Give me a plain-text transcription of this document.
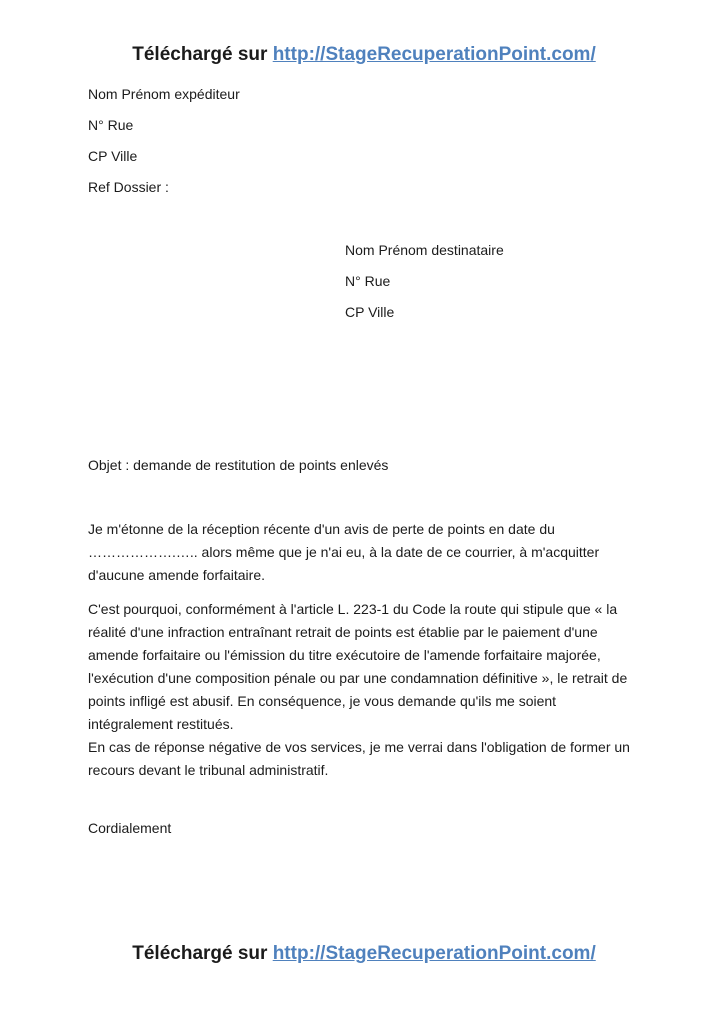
Téléchargé sur http://StageRecuperationPoint.com/

Nom Prénom expéditeur

N° Rue

CP Ville

Ref Dossier :

Nom Prénom destinataire

N° Rue

CP Ville

Objet : demande de restitution de points enlevés

Je m'étonne de la réception récente d'un avis de perte de points en date du ……………….….. alors même que je n'ai eu, à la date de ce courrier, à m'acquitter d'aucune amende forfaitaire.

C'est pourquoi, conformément à l'article L. 223-1 du Code la route qui stipule que « la réalité d'une infraction entraînant retrait de points est établie par le paiement d'une amende forfaitaire ou l'émission du titre exécutoire de l'amende forfaitaire majorée, l'exécution d'une composition pénale ou par une condamnation définitive », le retrait de points infligé est abusif. En conséquence, je vous demande qu'ils me soient intégralement restitués.

En cas de réponse négative de vos services, je me verrai dans l'obligation de former un recours devant le tribunal administratif.

Cordialement

Téléchargé sur http://StageRecuperationPoint.com/
